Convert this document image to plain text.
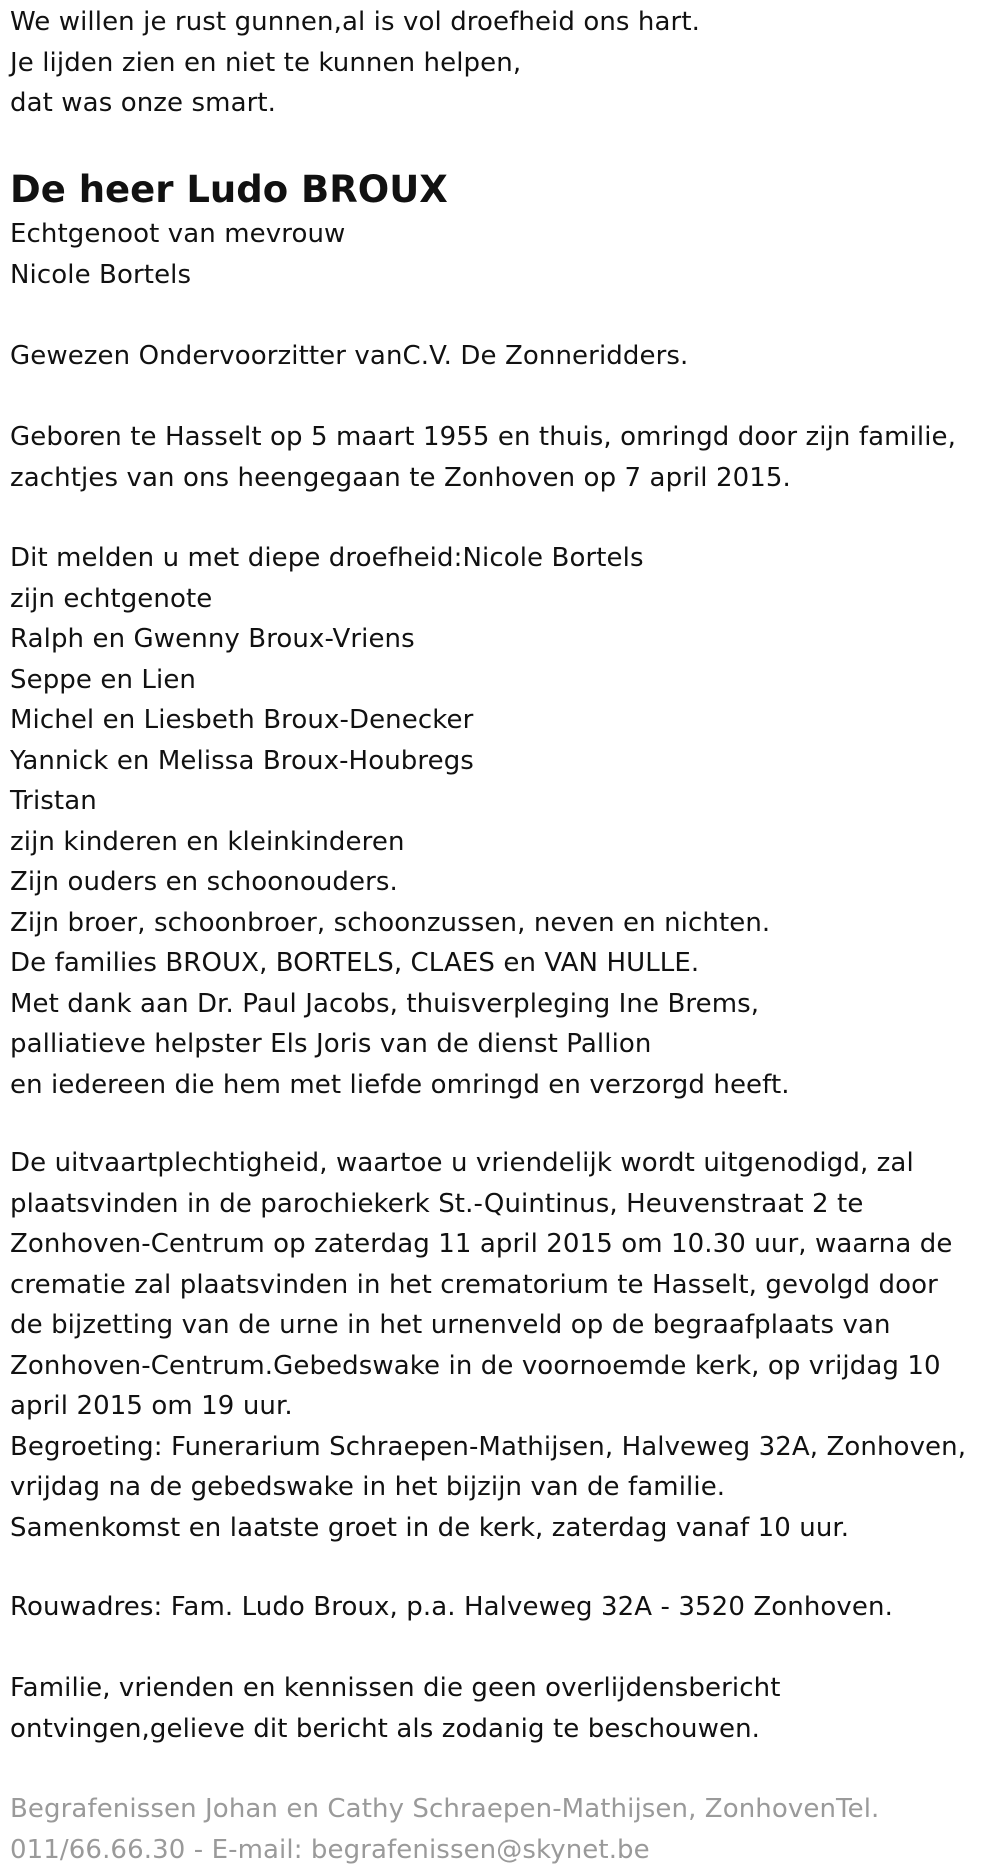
We willen je rust gunnen,al is vol droefheid ons hart.
Je lijden zien en niet te kunnen helpen,
dat was onze smart.
De heer Ludo BROUX
Echtgenoot van mevrouw
Nicole Bortels
Gewezen Ondervoorzitter vanC.V. De Zonneridders.
Geboren te Hasselt op 5 maart 1955 en thuis, omringd door zijn familie,
zachtjes van ons heengegaan te Zonhoven op 7 april 2015.
Dit melden u met diepe droefheid:Nicole Bortels
zijn echtgenote
Ralph en Gwenny Broux-Vriens
Seppe en Lien
Michel en Liesbeth Broux-Denecker
Yannick en Melissa Broux-Houbregs
Tristan
zijn kinderen en kleinkinderen
Zijn ouders en schoonouders.
Zijn broer, schoonbroer, schoonzussen, neven en nichten.
De families BROUX, BORTELS, CLAES en VAN HULLE.
Met dank aan Dr. Paul Jacobs, thuisverpleging Ine Brems,
palliatieve helpster Els Joris van de dienst Pallion
en iedereen die hem met liefde omringd en verzorgd heeft.
De uitvaartplechtigheid, waartoe u vriendelijk wordt uitgenodigd, zal
plaatsvinden in de parochiekerk St.-Quintinus, Heuvenstraat 2 te
Zonhoven-Centrum op zaterdag 11 april 2015 om 10.30 uur, waarna de
crematie zal plaatsvinden in het crematorium te Hasselt, gevolgd door
de bijzetting van de urne in het urnenveld op de begraafplaats van
Zonhoven-Centrum.Gebedswake in de voornoemde kerk, op vrijdag 10
april 2015 om 19 uur.
Begroeting: Funerarium Schraepen-Mathijsen, Halveweg 32A, Zonhoven,
vrijdag na de gebedswake in het bijzijn van de familie.
Samenkomst en laatste groet in de kerk, zaterdag vanaf 10 uur.
Rouwadres: Fam. Ludo Broux, p.a. Halveweg 32A - 3520 Zonhoven.
Familie, vrienden en kennissen die geen overlijdensbericht
ontvingen,gelieve dit bericht als zodanig te beschouwen.
Begrafenissen Johan en Cathy Schraepen-Mathijsen, ZonhovenTel.
011/66.66.30 - E-mail: begrafenissen@skynet.be
